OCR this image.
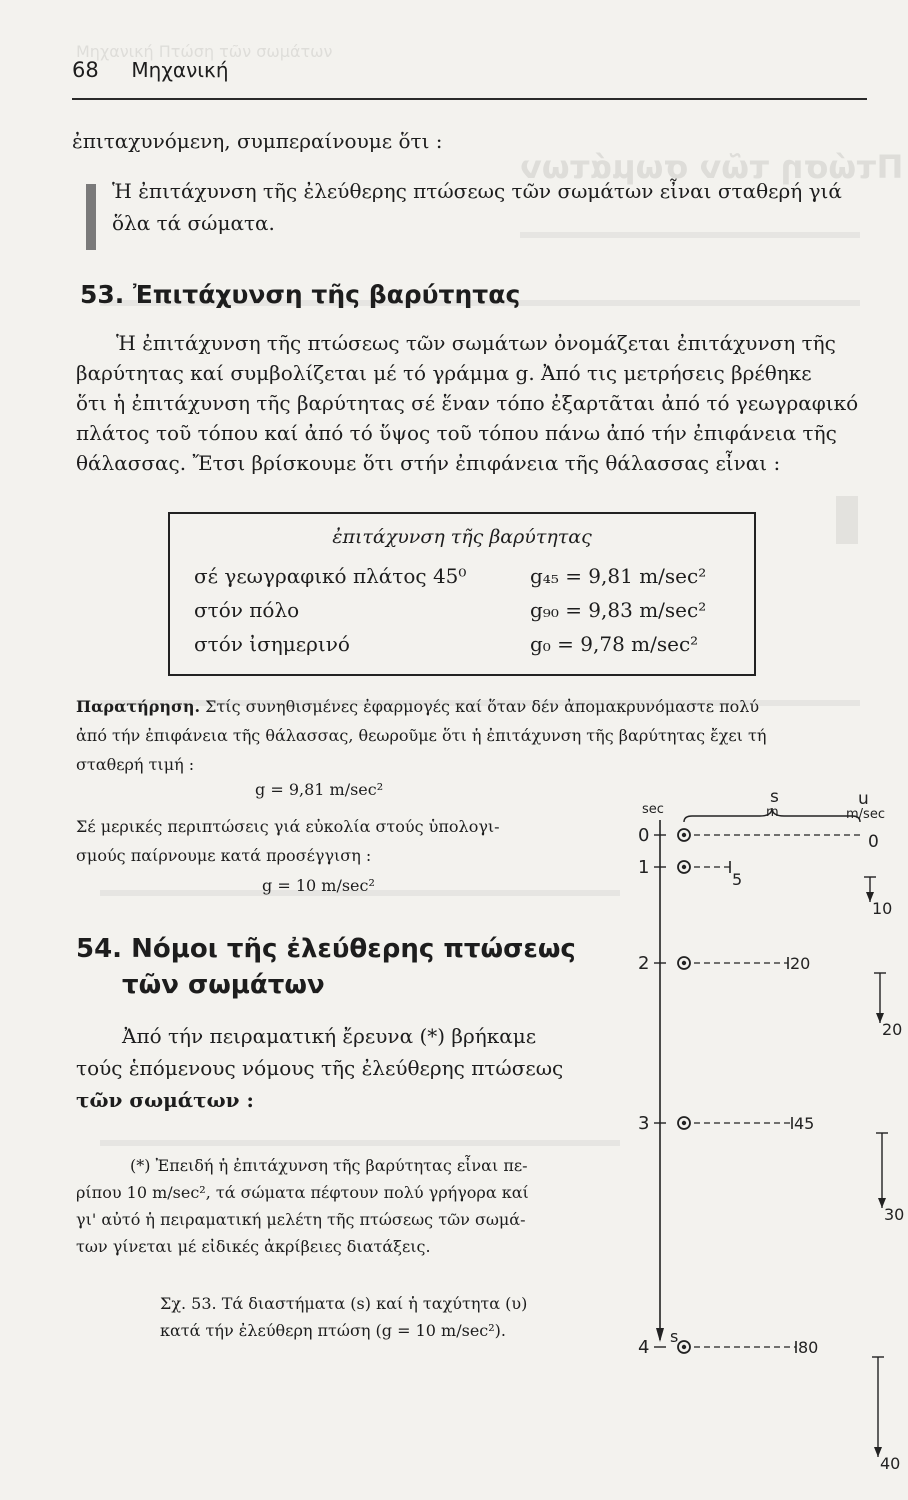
Μηχανική Πτώση τῶν σωμάτων
Πτώση τῶν σωμάτων
68 Μηχανική
ἐπιταχυνόμενη, συμπεραίνουμε ὅτι :
Ἡ ἐπιτάχυνση τῆς ἐλεύθερης πτώσεως τῶν σωμάτων εἶναι σταθερή γιά ὅλα τά σώματα.
53. Ἐπιτάχυνση τῆς βαρύτητας
Ἡ ἐπιτάχυνση τῆς πτώσεως τῶν σωμάτων ὀνομάζεται ἐπιτάχυνση τῆς
βαρύτητας καί συμβολίζεται μέ τό γράμμα g. Ἀπό τις μετρήσεις βρέθηκε
ὅτι ἡ ἐπιτάχυνση τῆς βαρύτητας σέ ἕναν τόπο ἐξαρτᾶται ἀπό τό γεωγραφικό
πλάτος τοῦ τόπου καί ἀπό τό ὕψος τοῦ τόπου πάνω ἀπό τήν ἐπιφάνεια τῆς
θάλασσας. Ἔτσι βρίσκουμε ὅτι στήν ἐπιφάνεια τῆς θάλασσας εἶναι :
ἐπιτάχυνση τῆς βαρύτητας
σέ γεωγραφικό πλάτος 45⁰	g₄₅ = 9,81 m/sec²
στόν πόλο	g₉₀ = 9,83 m/sec²
στόν ἰσημερινό	g₀ = 9,78 m/sec²
Παρατήρηση. Στίς συνηθισμένες ἐφαρμογές καί ὅταν δέν ἀπομακρυνόμαστε πολύ
ἀπό τήν ἐπιφάνεια τῆς θάλασσας, θεωροῦμε ὅτι ἡ ἐπιτάχυνση τῆς βαρύτητας ἔχει τή
σταθερή τιμή :
g = 9,81 m/sec²
Σέ μερικές περιπτώσεις γιά εὐκολία στούς ὑπολογι-
σμούς παίρνουμε κατά προσέγγιση :
g = 10 m/sec²
54. Νόμοι τῆς ἐλεύθερης πτώσεως
τῶν σωμάτων
Ἀπό τήν πειραματική ἔρευνα (*) βρήκαμε
τούς ἑπόμενους νόμους τῆς ἐλεύθερης πτώσεως
τῶν σωμάτων :
(*) Ἐπειδή ἡ ἐπιτάχυνση τῆς βαρύτητας εἶναι πε-
ρίπου 10 m/sec², τά σώματα πέφτουν πολύ γρήγορα καί
γι' αὐτό ἡ πειραματική μελέτη τῆς πτώσεως τῶν σωμά-
των γίνεται μέ εἰδικές ἀκρίβειες διατάξεις.
Σχ. 53. Τά διαστήματα (s) καί ἡ ταχύτητα (υ)
κατά τήν ἐλεύθερη πτώση (g = 10 m/sec²).
sec
s
m
u
m/sec
s
0
1
5
2	20
3	45
4	80
0
10
20
30
40
